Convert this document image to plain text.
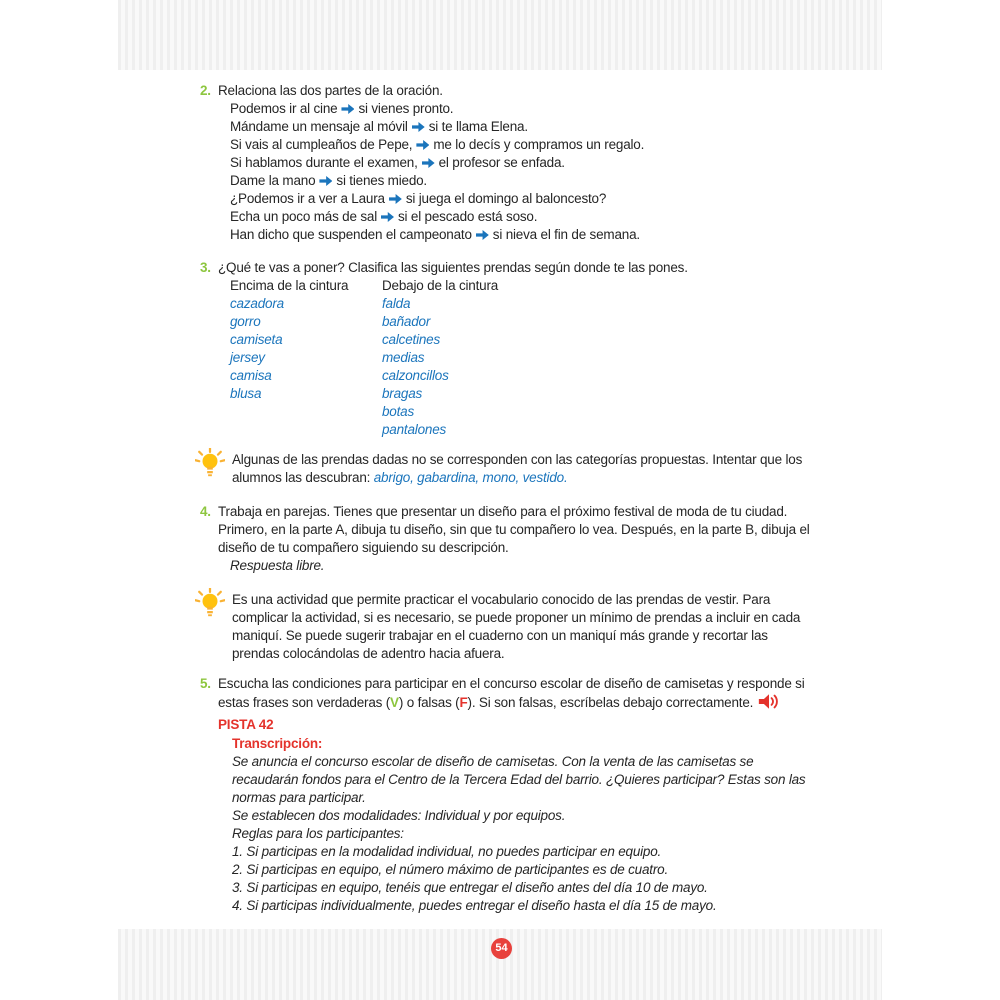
54
2. Relaciona las dos partes de la oración.
Podemos ir al cine si vienes pronto.
Mándame un mensaje al móvil si te llama Elena.
Si vais al cumpleaños de Pepe, me lo decís y compramos un regalo.
Si hablamos durante el examen, el profesor se enfada.
Dame la mano si tienes miedo.
¿Podemos ir a ver a Laura si juega el domingo al baloncesto?
Echa un poco más de sal si el pescado está soso.
Han dicho que suspenden el campeonato si nieva el fin de semana.
3. ¿Qué te vas a poner? Clasifica las siguientes prendas según donde te las pones.
Encima de la cintura
cazadora
gorro
camiseta
jersey
camisa
blusa
Debajo de la cintura
falda
bañador
calcetines
medias
calzoncillos
bragas
botas
pantalones
Algunas de las prendas dadas no se corresponden con las categorías propuestas. Intentar que los alumnos las descubran: abrigo, gabardina, mono, vestido.
4. Trabaja en parejas. Tienes que presentar un diseño para el próximo festival de moda de tu ciudad. Primero, en la parte A, dibuja tu diseño, sin que tu compañero lo vea. Después, en la parte B, dibuja el diseño de tu compañero siguiendo su descripción.
Respuesta libre.
Es una actividad que permite practicar el vocabulario conocido de las prendas de vestir. Para complicar la actividad, si es necesario, se puede proponer un mínimo de prendas a incluir en cada maniquí. Se puede sugerir trabajar en el cuaderno con un maniquí más grande y recortar las prendas colocándolas de adentro hacia afuera.
5. Escucha las condiciones para participar en el concurso escolar de diseño de camisetas y responde si estas frases son verdaderas (V) o falsas (F). Si son falsas, escríbelas debajo correctamente.
PISTA 42
Transcripción:
Se anuncia el concurso escolar de diseño de camisetas. Con la venta de las camisetas se recaudarán fondos para el Centro de la Tercera Edad del barrio. ¿Quieres participar? Estas son las normas para participar.
Se establecen dos modalidades: Individual y por equipos.
Reglas para los participantes:
1. Si participas en la modalidad individual, no puedes participar en equipo.
2. Si participas en equipo, el número máximo de participantes es de cuatro.
3. Si participas en equipo, tenéis que entregar el diseño antes del día 10 de mayo.
4. Si participas individualmente, puedes entregar el diseño hasta el día 15 de mayo.
